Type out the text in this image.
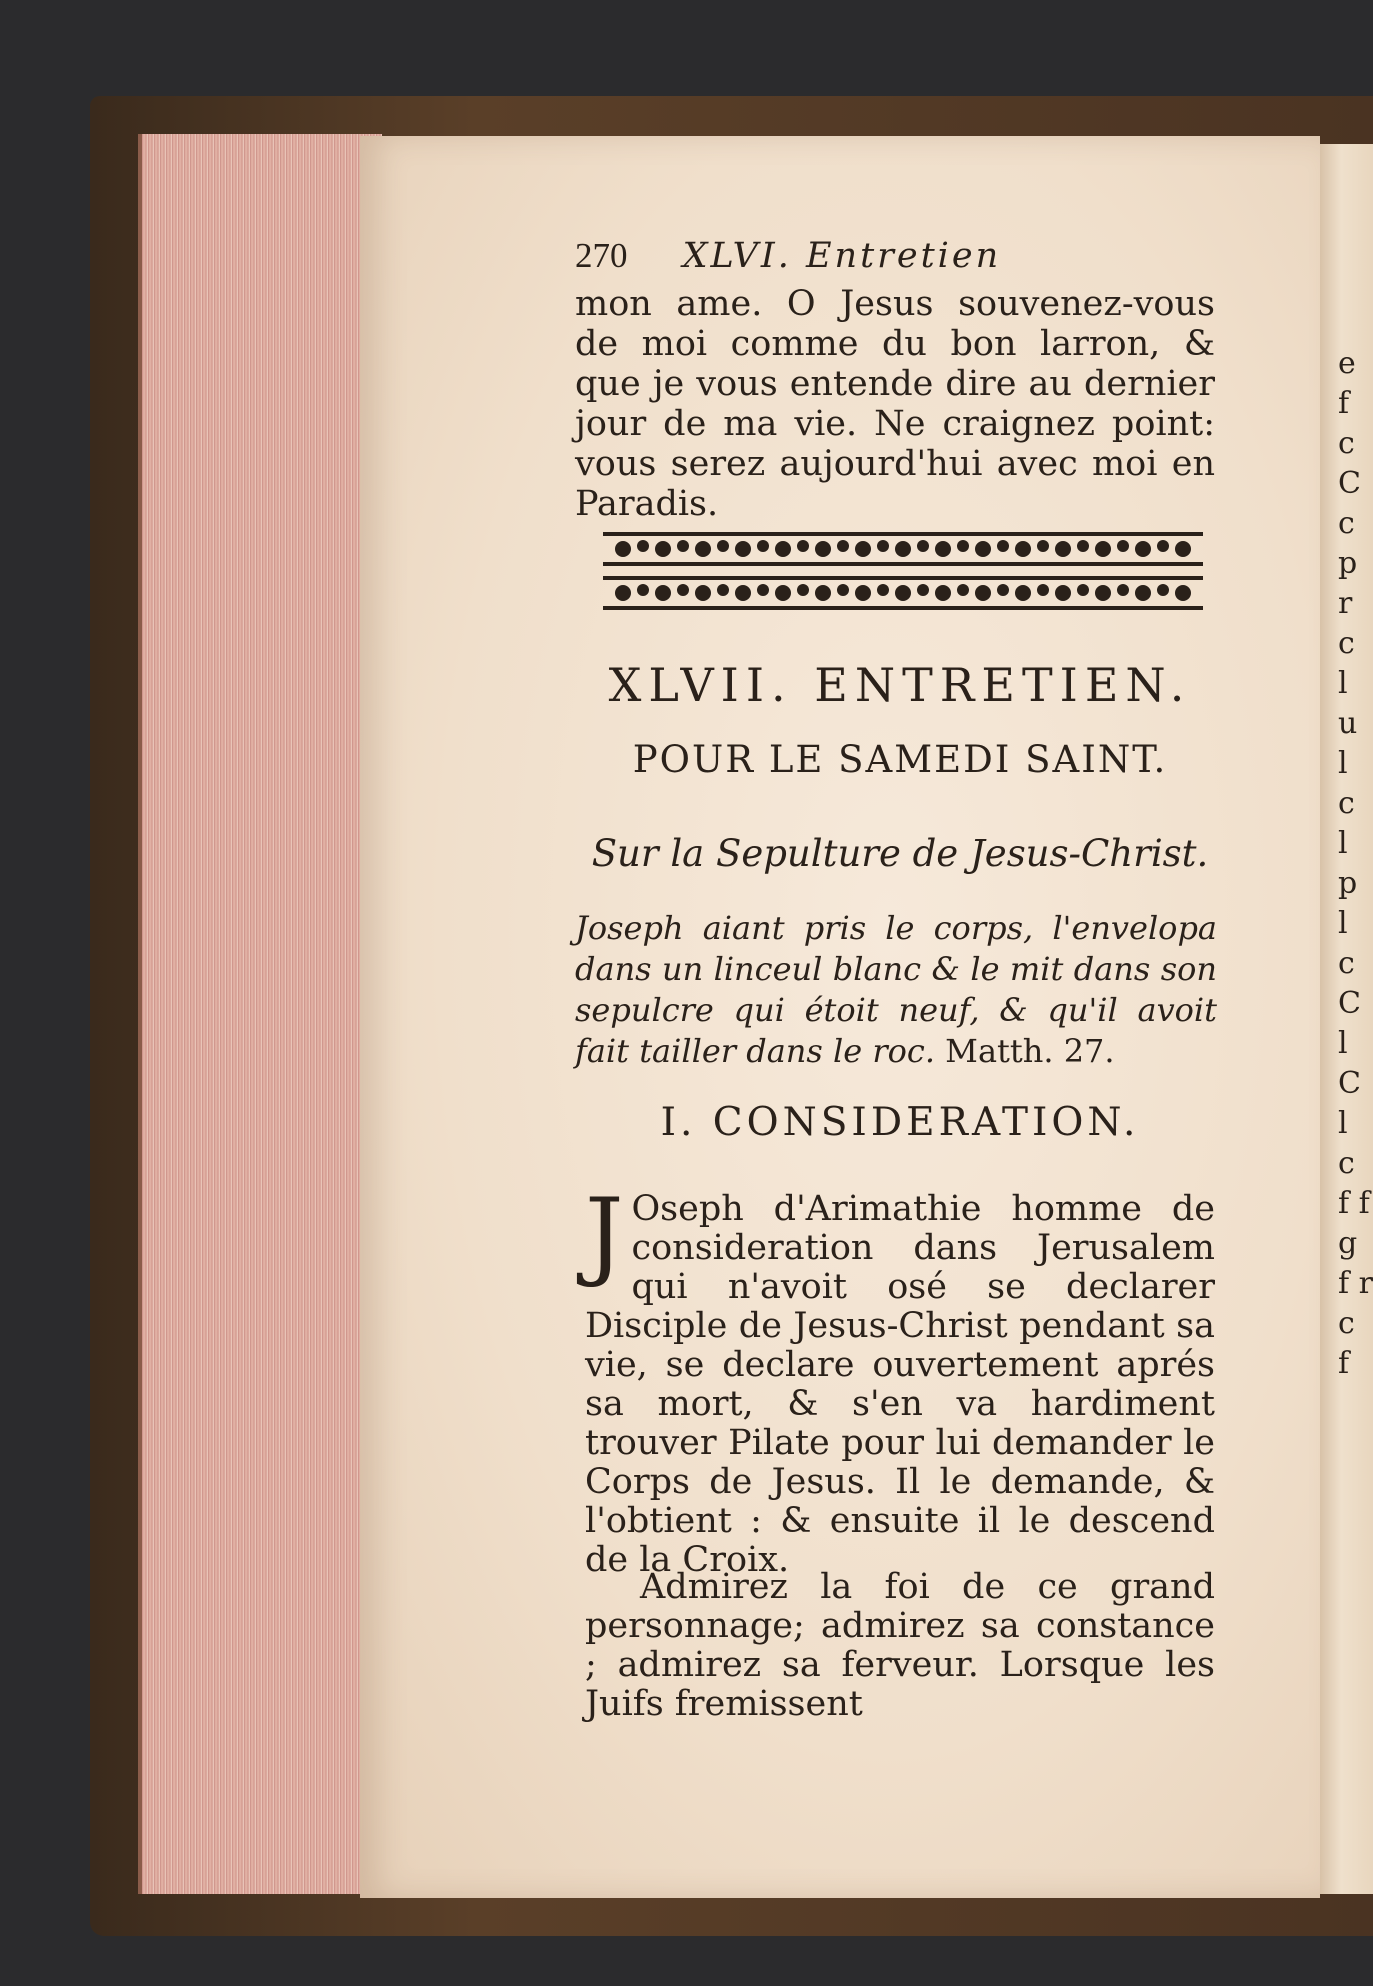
e f c C c p r c l u l c l p l c C l C l c f f g f r c f
270 XLVI. Entretien
mon ame. O Jesus souvenez-vous de moi comme du bon larron, & que je vous entende dire au dernier jour de ma vie. Ne craignez point: vous serez aujourd'hui avec moi en Paradis.
XLVII. ENTRETIEN.
POUR LE SAMEDI SAINT.
Sur la Sepulture de Jesus-Christ.
Joseph aiant pris le corps, l'envelopa dans un linceul blanc & le mit dans son sepulcre qui étoit neuf, & qu'il avoit fait tailler dans le roc. Matth. 27.
I. CONSIDERATION.
J Oseph d'Arimathie homme de consideration dans Jerusalem qui n'avoit osé se declarer Disciple de Jesus-Christ pendant sa vie, se declare ouvertement aprés sa mort, & s'en va hardiment trouver Pilate pour lui demander le Corps de Jesus. Il le demande, & l'obtient : & ensuite il le descend de la Croix.
Admirez la foi de ce grand personnage; admirez sa constance ; admirez sa ferveur. Lorsque les Juifs fremissent
